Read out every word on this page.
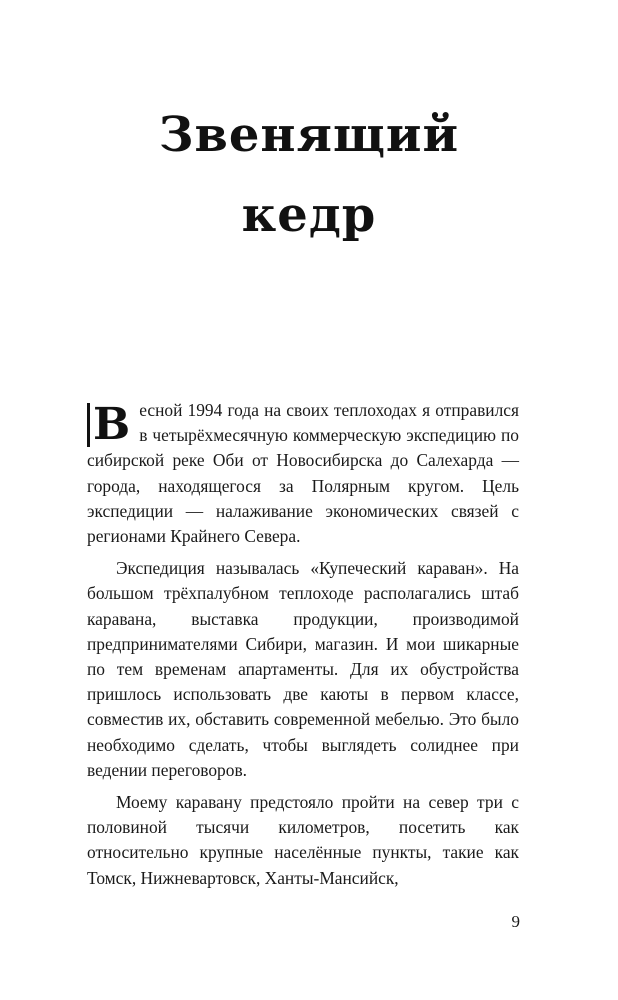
Звенящий
кедр

В есной 1994 года на своих теплоходах я отправился в четырёхмесячную коммерческую экспедицию по сибирской реке Оби от Новосибирска до Салехарда — города, находящегося за Полярным кругом. Цель экспедиции — налаживание экономических связей с регионами Крайнего Севера.

Экспедиция называлась «Купеческий караван». На большом трёхпалубном теплоходе располагались штаб каравана, выставка продукции, производимой предпринимателями Сибири, магазин. И мои шикарные по тем временам апартаменты. Для их обустройства пришлось использовать две каюты в первом классе, совместив их, обставить современной мебелью. Это было необходимо сделать, чтобы выглядеть солиднее при ведении переговоров.

Моему каравану предстояло пройти на север три с половиной тысячи километров, посетить как относительно крупные населённые пункты, такие как Томск, Нижневартовск, Ханты-Мансийск,

9
